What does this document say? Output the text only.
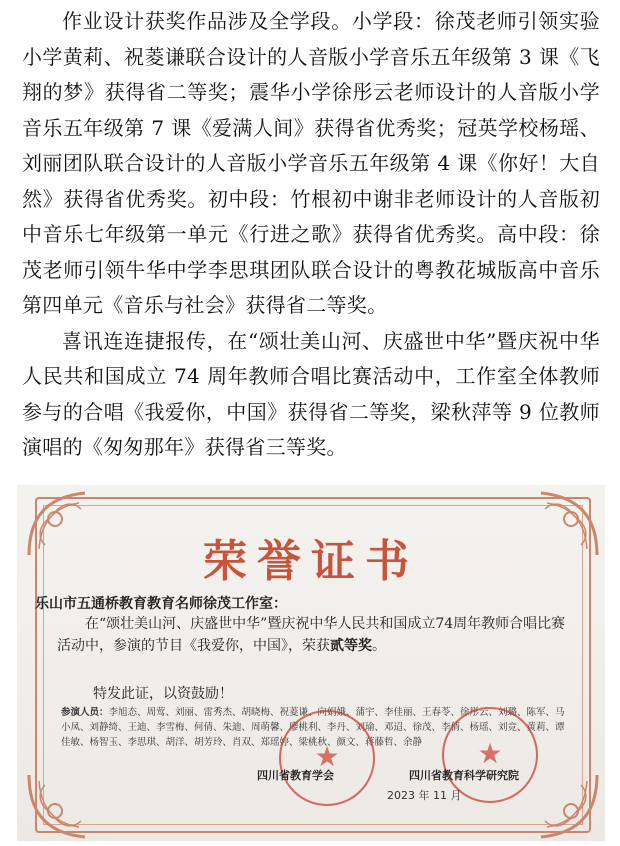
作业设计获奖作品涉及全学段。小学段：徐茂老师引领实验小学黄莉、祝菱谦联合设计的人音版小学音乐五年级第 3 课《飞翔的梦》获得省二等奖；震华小学徐彤云老师设计的人音版小学音乐五年级第 7 课《爱满人间》获得省优秀奖；冠英学校杨瑶、刘丽团队联合设计的人音版小学音乐五年级第 4 课《你好！大自然》获得省优秀奖。初中段：竹根初中谢非老师设计的人音版初中音乐七年级第一单元《行进之歌》获得省优秀奖。高中段：徐茂老师引领牛华中学李思琪团队联合设计的粤教花城版高中音乐第四单元《音乐与社会》获得省二等奖。

喜讯连连捷报传，在“颂壮美山河、庆盛世中华”暨庆祝中华人民共和国成立 74 周年教师合唱比赛活动中，工作室全体教师参与的合唱《我爱你，中国》获得省二等奖，梁秋萍等 9 位教师演唱的《匆匆那年》获得省三等奖。

荣誉证书
乐山市五通桥教育教育名师徐茂工作室：
在“颂壮美山河、庆盛世中华”暨庆祝中华人民共和国成立74周年教师合唱比赛活动中，参演的节目《我爱你，中国》，荣获贰等奖。
特发此证，以资鼓励！
参演人员：李旭态、周莺、刘丽、雷秀杰、胡晓梅、祝菱谦、向娟娥、蒲宇、李佳丽、王春苓、徐彤云、刘璐、陈军、马小凤、刘静绮、王迪、李雪梅、何倩、朱迪、周萌馨、廖桃利、李丹、刘瑜、邓迢、徐茂、李倩、杨瑶、刘竞、黄莉、谭佳敏、杨智玉、李思琪、胡洋、胡芳玲、肖双、郑瑶婷、梁桃秋、颜文、蒋藤哲、余静
★
★
四川省教育学会	四川省教育科学研究院
2023 年 11 月
